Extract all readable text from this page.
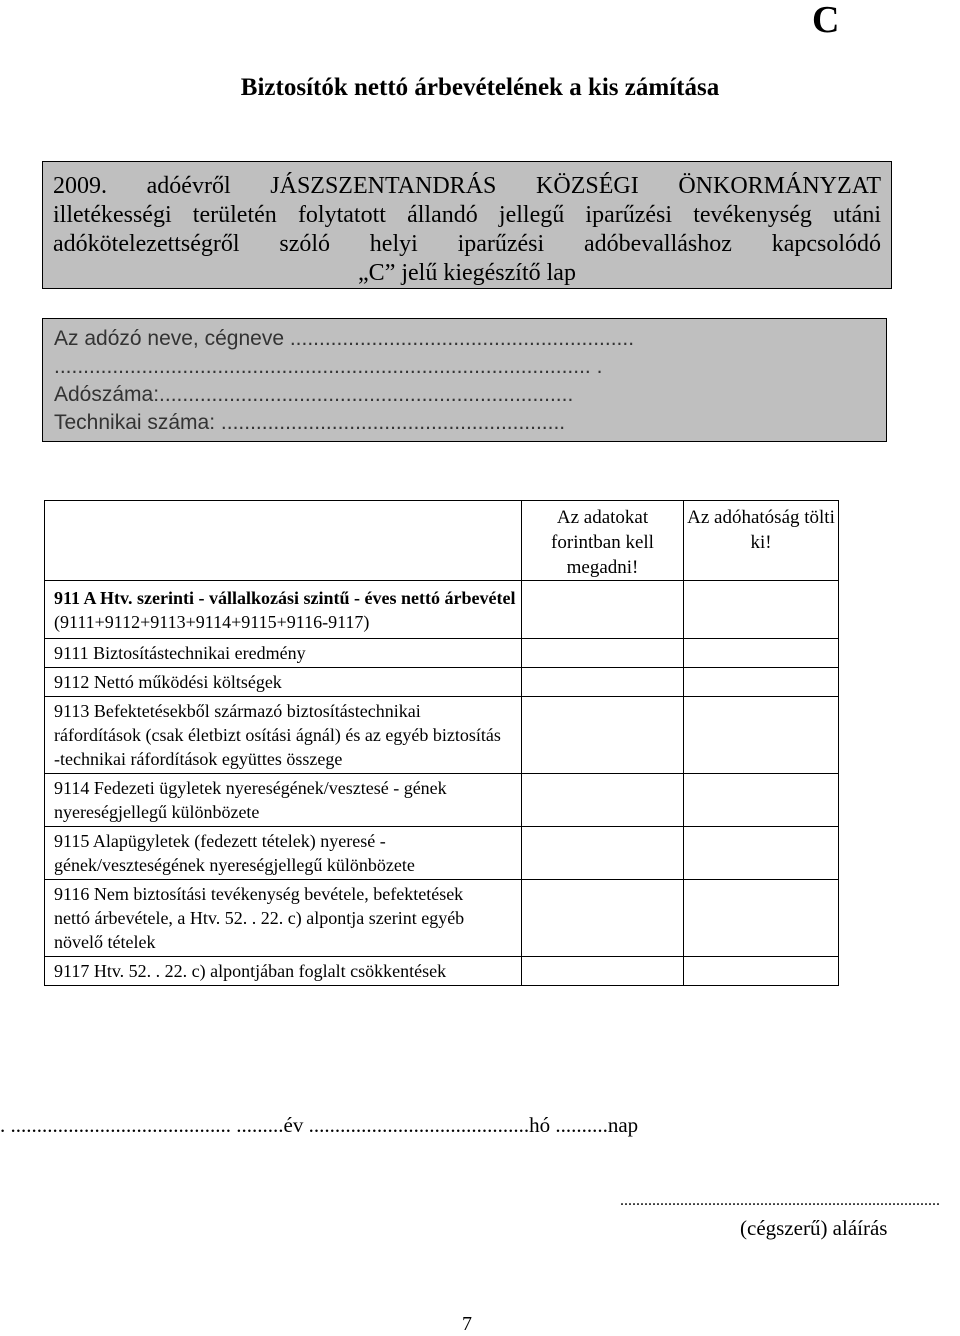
C
Biztosítók nettó árbevételének a kis zámítása
2009. adóévről JÁSZSZENTANDRÁS KÖZSÉGI ÖNKORMÁNYZAT
illetékességi területén folytatott állandó jellegű iparűzési tevékenység utáni
adókötelezettségről szóló helyi iparűzési adóbevalláshoz kapcsolódó
„C” jelű kiegészítő lap
Az adózó neve, cégneve ...........................................................
............................................................................................ .
Adószáma:.......................................................................
Technikai száma: ...........................................................
	Az adatokat forintban kell megadni!	Az adóhatóság tölti ki!

911 A Htv. szerinti - vállalkozási szintű - éves nettó árbevétel
(9111+9112+9113+9114+9115+9116-9117)		

9111 Biztosítástechnikai eredmény		

9112 Nettó működési költségek		

9113 Befektetésekből származó biztosítástechnikai ráfordítások (csak életbizt osítási ágnál) és az egyéb biztosítás -technikai ráfordítások együttes összege		

9114 Fedezeti ügyletek nyereségének/vesztesé - gének nyereségjellegű különbözete		

9115 Alapügyletek (fedezett tételek) nyeresé - gének/veszteségének nyereségjellegű különbözete		

9116 Nem biztosítási tevékenység bevétele, befektetések nettó árbevétele, a Htv. 52. . 22. c) alpontja szerint egyéb növelő tételek		

9117 Htv. 52. . 22. c) alpontjában foglalt csökkentések		

. .......................................... .........év ..........................................hó ..........nap
................................................................................
(cégszerű) aláírás
7
